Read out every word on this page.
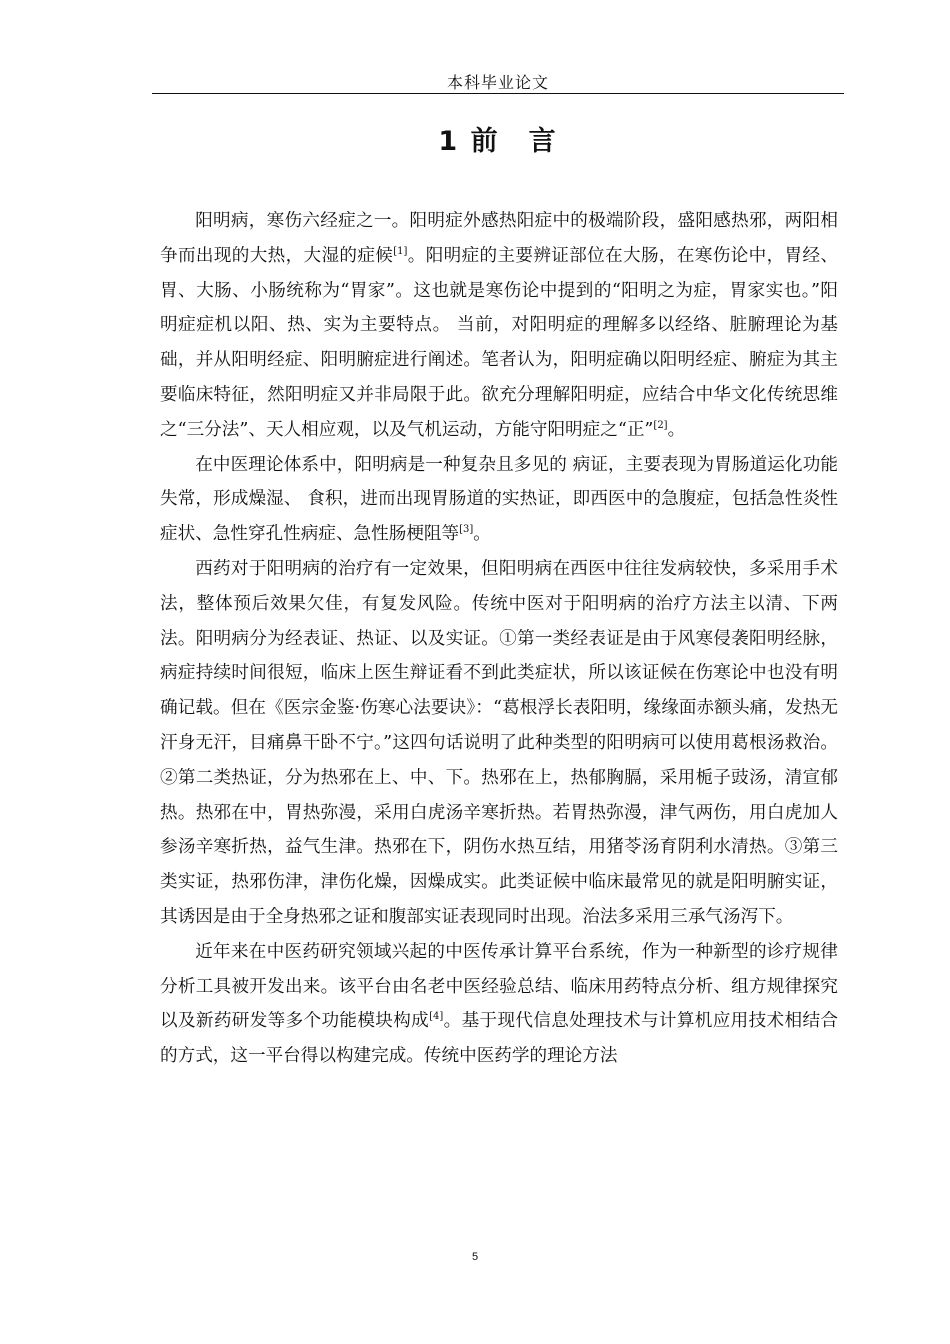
本科毕业论文
1 前　言

阳明病，寒伤六经症之一。阳明症外感热阳症中的极端阶段，盛阳感热邪，两阳相争而出现的大热，大湿的症候[1]。阳明症的主要辨证部位在大肠，在寒伤论中，胃经、胃、大肠、小肠统称为“胃家”。这也就是寒伤论中提到的“阳明之为症，胃家实也。”阳明症症机以阳、热、实为主要特点。 当前，对阳明症的理解多以经络、脏腑理论为基础，并从阳明经症、阳明腑症进行阐述。笔者认为，阳明症确以阳明经症、腑症为其主要临床特征，然阳明症又并非局限于此。欲充分理解阳明症，应结合中华文化传统思维之“三分法”、天人相应观，以及气机运动，方能守阳明症之“正”[2]。

在中医理论体系中，阳明病是一种复杂且多见的 病证，主要表现为胃肠道运化功能失常，形成燥湿、 食积，进而出现胃肠道的实热证，即西医中的急腹症，包括急性炎性症状、急性穿孔性病症、急性肠梗阻等[3]。

西药对于阳明病的治疗有一定效果，但阳明病在西医中往往发病较快，多采用手术法，整体预后效果欠佳，有复发风险。传统中医对于阳明病的治疗方法主以清、下两法。阳明病分为经表证、热证、以及实证。①第一类经表证是由于风寒侵袭阳明经脉，病症持续时间很短，临床上医生辩证看不到此类症状，所以该证候在伤寒论中也没有明确记载。但在《医宗金鉴·伤寒心法要诀》：“葛根浮长表阳明，缘缘面赤额头痛，发热无汗身无汗，目痛鼻干卧不宁。”这四句话说明了此种类型的阳明病可以使用葛根汤救治。②第二类热证，分为热邪在上、中、下。热邪在上，热郁胸膈，采用栀子豉汤，清宣郁热。热邪在中，胃热弥漫，采用白虎汤辛寒折热。若胃热弥漫，津气两伤，用白虎加人参汤辛寒折热，益气生津。热邪在下，阴伤水热互结，用猪苓汤育阴利水清热。③第三类实证，热邪伤津，津伤化燥，因燥成实。此类证候中临床最常见的就是阳明腑实证，其诱因是由于全身热邪之证和腹部实证表现同时出现。治法多采用三承气汤泻下。

近年来在中医药研究领域兴起的中医传承计算平台系统，作为一种新型的诊疗规律分析工具被开发出来。该平台由名老中医经验总结、临床用药特点分析、组方规律探究以及新药研发等多个功能模块构成[4]。基于现代信息处理技术与计算机应用技术相结合的方式，这一平台得以构建完成。传统中医药学的理论方法

5
